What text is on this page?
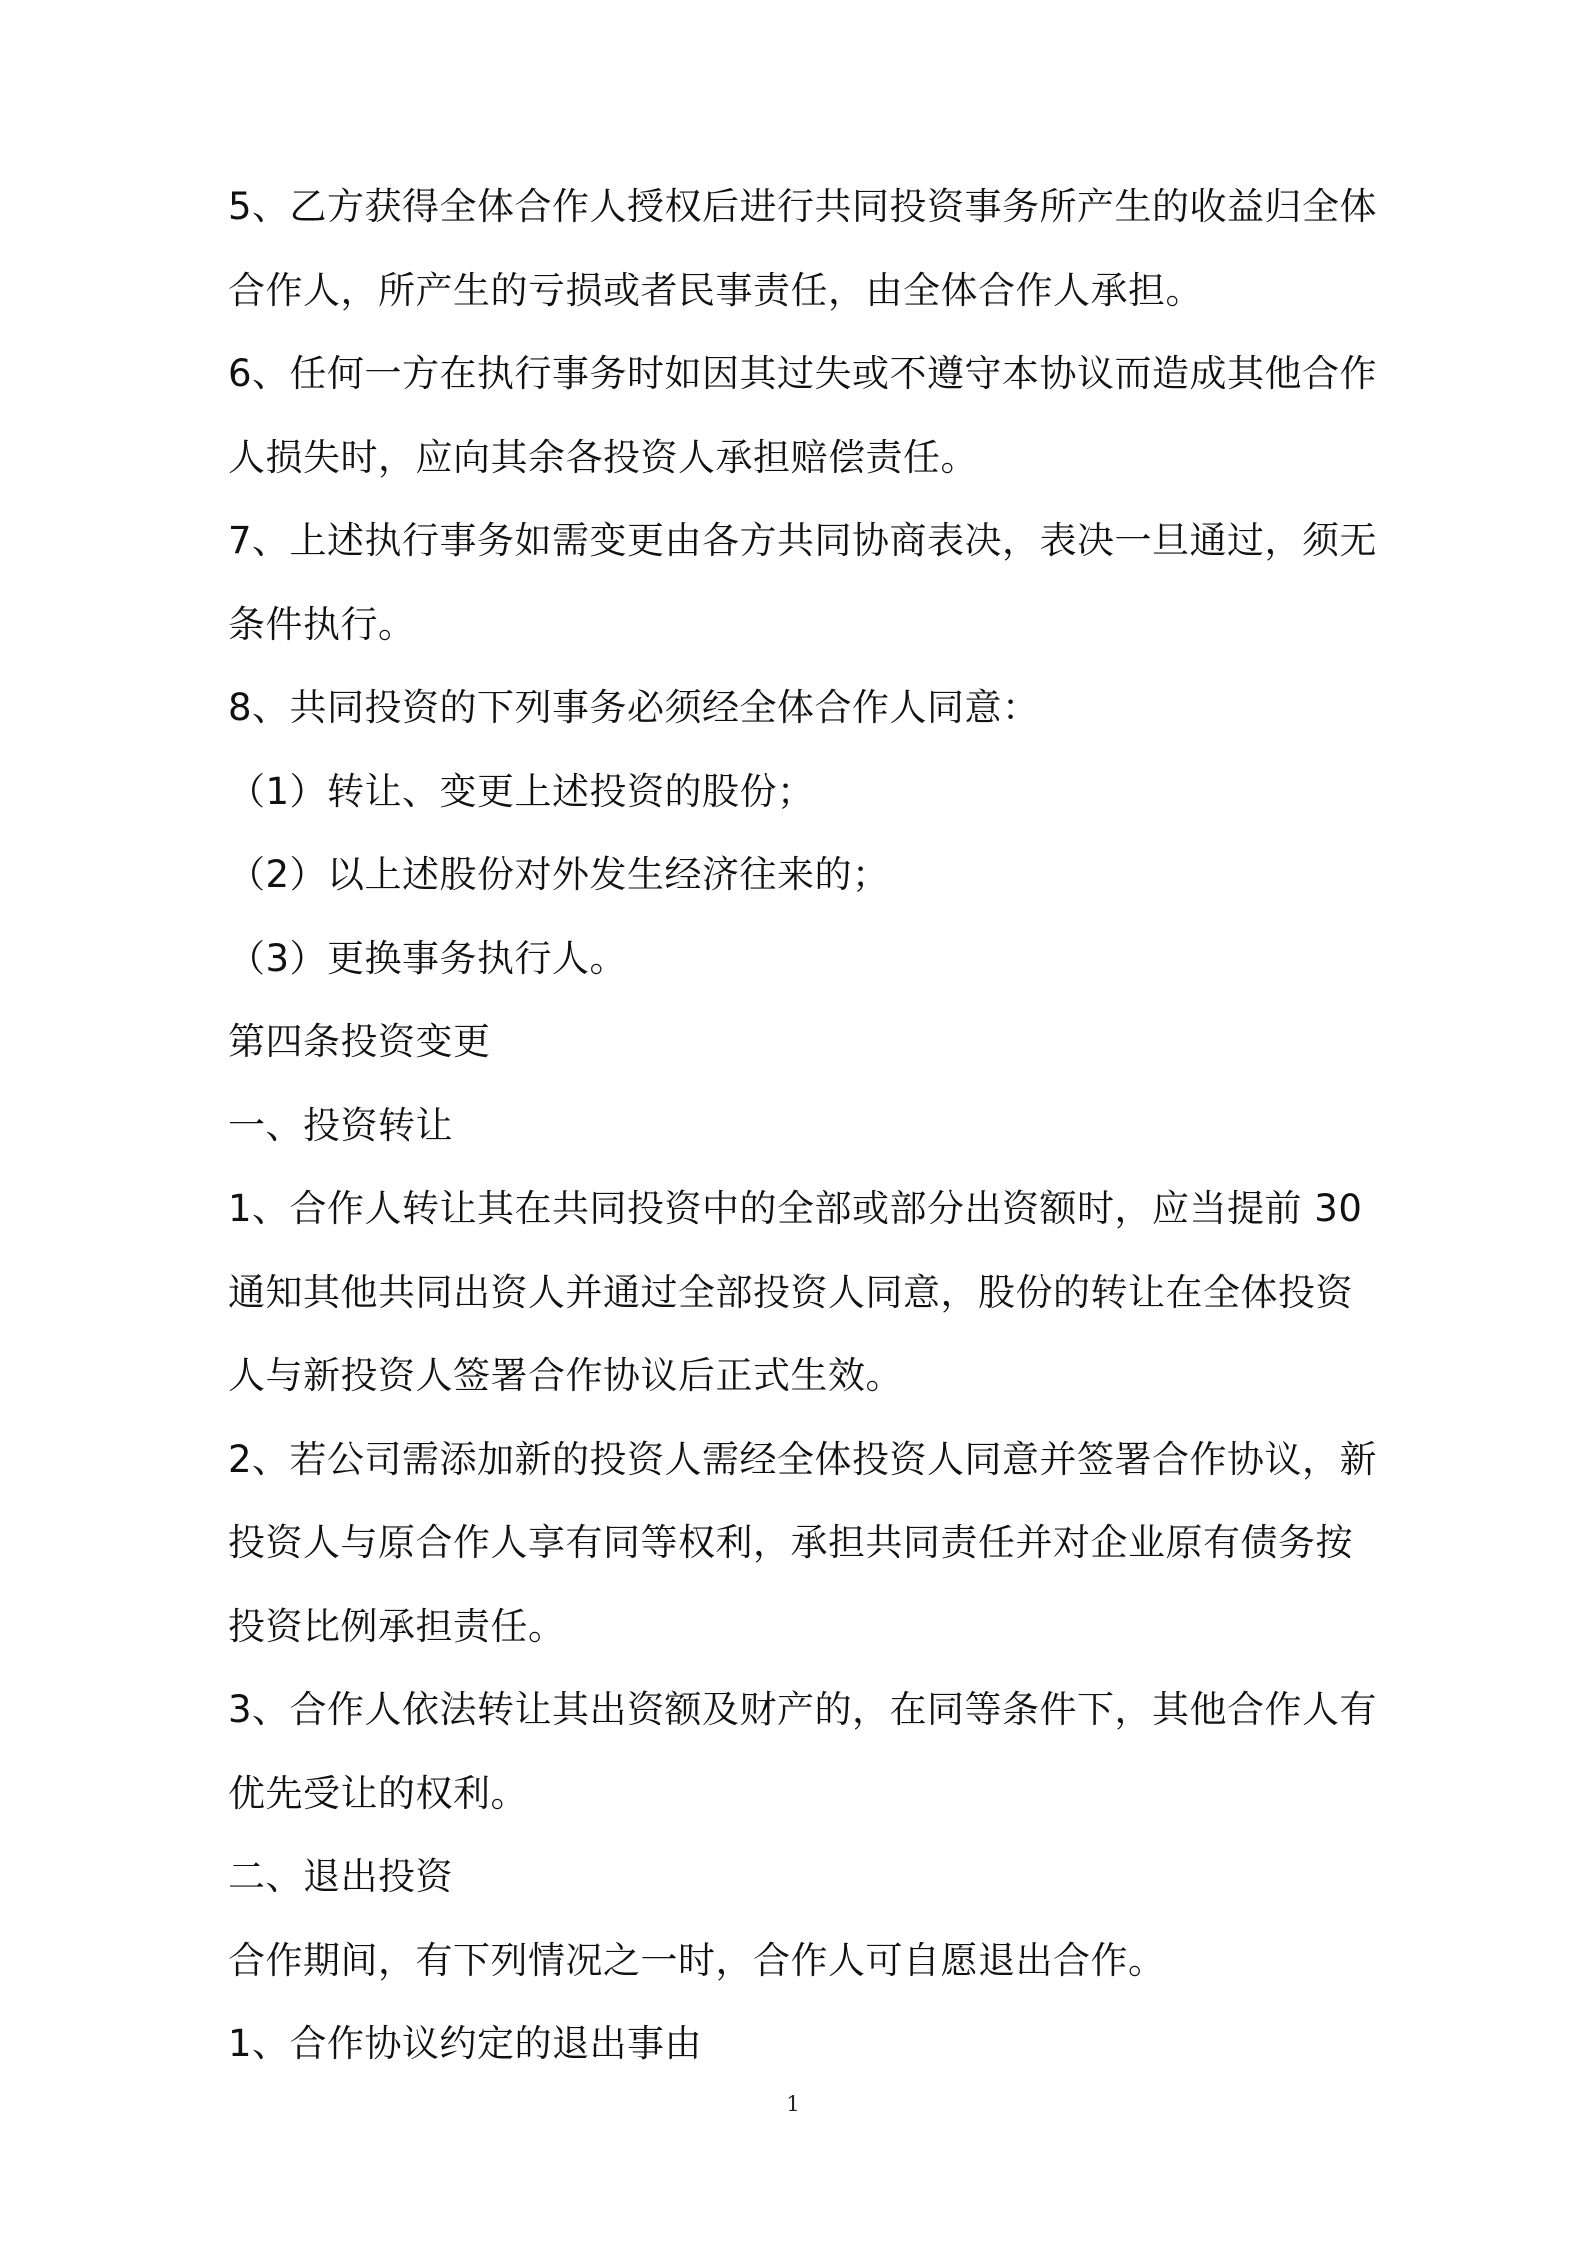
5、乙方获得全体合作人授权后进行共同投资事务所产生的收益归全体
合作人，所产生的亏损或者民事责任，由全体合作人承担。
6、任何一方在执行事务时如因其过失或不遵守本协议而造成其他合作
人损失时，应向其余各投资人承担赔偿责任。
7、上述执行事务如需变更由各方共同协商表决，表决一旦通过，须无
条件执行。
8、共同投资的下列事务必须经全体合作人同意：
（1）转让、变更上述投资的股份；
（2）以上述股份对外发生经济往来的；
（3）更换事务执行人。
第四条投资变更
一、投资转让
1、合作人转让其在共同投资中的全部或部分出资额时，应当提前 30
通知其他共同出资人并通过全部投资人同意，股份的转让在全体投资
人与新投资人签署合作协议后正式生效。
2、若公司需添加新的投资人需经全体投资人同意并签署合作协议，新
投资人与原合作人享有同等权利，承担共同责任并对企业原有债务按
投资比例承担责任。
3、合作人依法转让其出资额及财产的，在同等条件下，其他合作人有
优先受让的权利。
二、退出投资
合作期间，有下列情况之一时，合作人可自愿退出合作。
1、合作协议约定的退出事由
1
